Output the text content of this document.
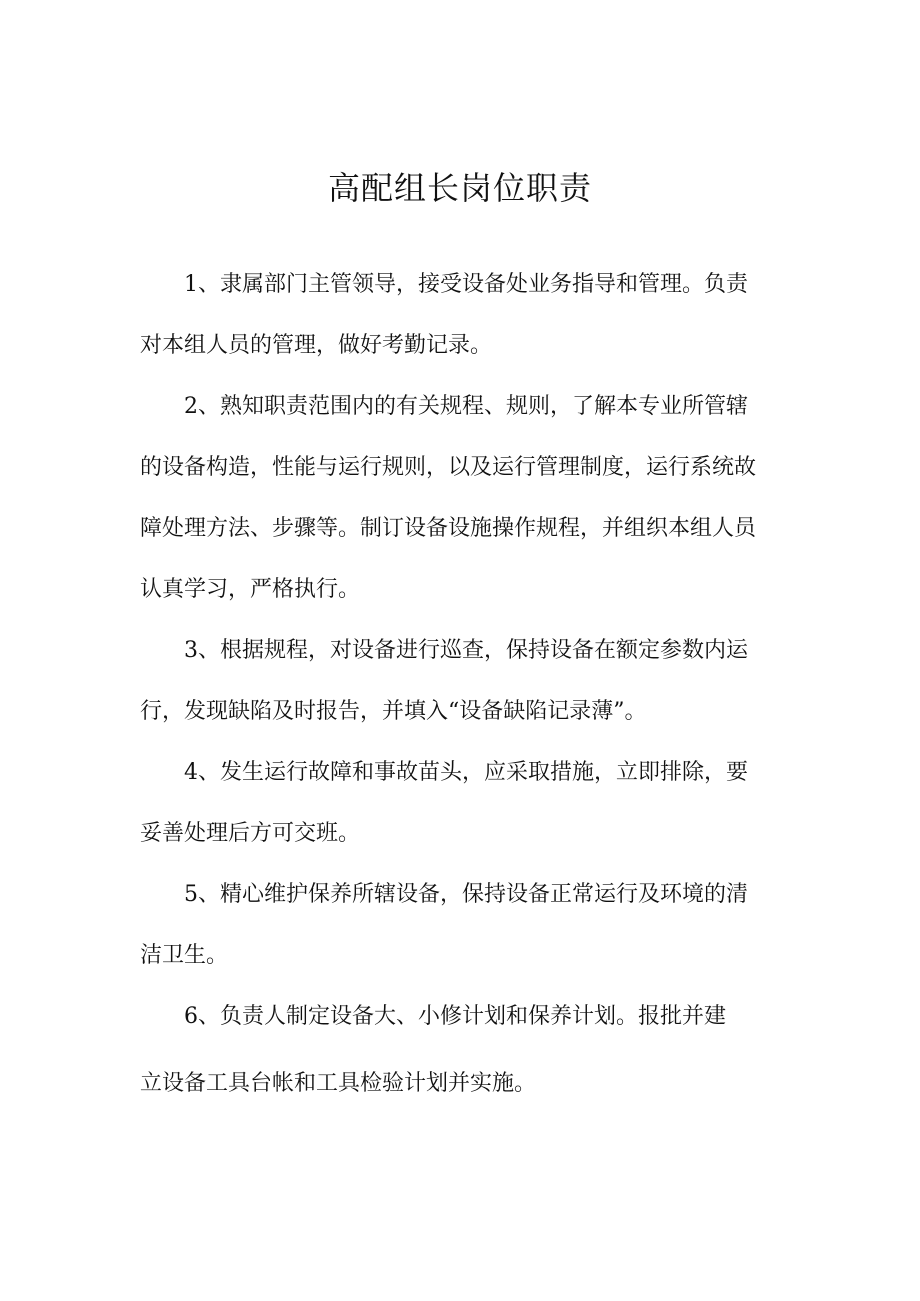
高配组长岗位职责
1、隶属部门主管领导，接受设备处业务指导和管理。负责
对本组人员的管理，做好考勤记录。
2、熟知职责范围内的有关规程、规则，了解本专业所管辖
的设备构造，性能与运行规则，以及运行管理制度，运行系统故
障处理方法、步骤等。制订设备设施操作规程，并组织本组人员
认真学习，严格执行。
3、根据规程，对设备进行巡查，保持设备在额定参数内运
行，发现缺陷及时报告，并填入“设备缺陷记录薄”。
4、发生运行故障和事故苗头，应采取措施，立即排除，要
妥善处理后方可交班。
5、精心维护保养所辖设备，保持设备正常运行及环境的清
洁卫生。
6、负责人制定设备大、小修计划和保养计划。报批并建
立设备工具台帐和工具检验计划并实施。
